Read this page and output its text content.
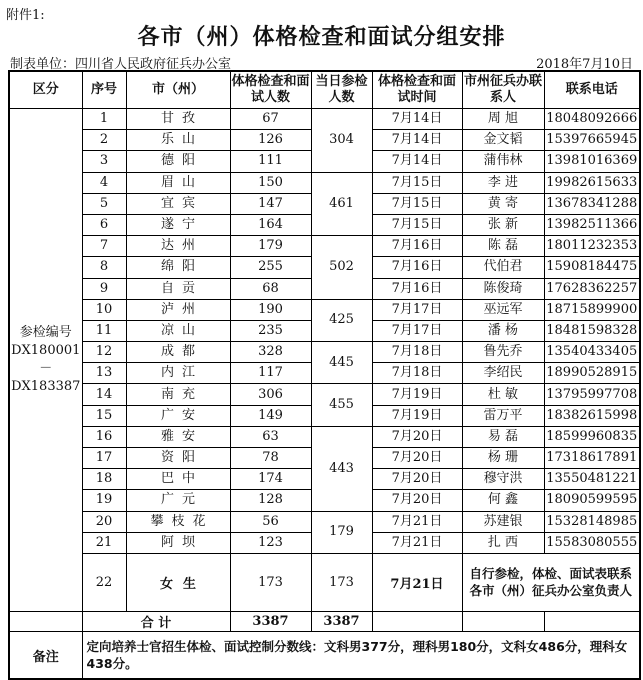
附件1:
各市（州）体格检查和面试分组安排
制表单位：四川省人民政府征兵办公室	2018年7月10日
区分	序号	市（州）	体格检查和面试人数	当日参检人数	体格检查和面试时间	市州征兵办联系人	联系电话
参检编号DX180001－DX183387	1	甘孜	67	304	7月14日	周 旭	18048092666
	2	乐山	126		7月14日	金文韬	15397665945
	3	德阳	111		7月14日	蒲伟林	13981016369
	4	眉山	150	461	7月15日	李 进	19982615633
	5	宜宾	147		7月15日	黄 寄	13678341288
	6	遂宁	164		7月15日	张 新	13982511366
	7	达州	179	502	7月16日	陈 磊	18011232353
	8	绵阳	255		7月16日	代伯君	15908184475
	9	自贡	68		7月16日	陈俊琦	17628362257
	10	泸州	190	425	7月17日	巫远军	18715899900
	11	凉山	235		7月17日	潘 杨	18481598328
	12	成都	328	445	7月18日	鲁先乔	13540433405
	13	内江	117		7月18日	李绍民	18990528915
	14	南充	306	455	7月19日	杜 敏	13795997708
	15	广安	149		7月19日	雷万平	18382615998
	16	雅安	63	443	7月20日	易 磊	18599960835
	17	资阳	78		7月20日	杨 珊	17318617891
	18	巴中	174		7月20日	穆守洪	13550481221
	19	广元	128		7月20日	何 鑫	18090599595
	20	攀枝花	56	179	7月21日	苏建银	15328148985
	21	阿坝	123		7月21日	扎 西	15583080555
	22	女生	173	173	7月21日	自行参检，体检、面试表联系各市（州）征兵办公室负责人	
	合 计		3387	3387			
备注	定向培养士官招生体检、面试控制分数线：文科男377分，理科男180分，文科女486分，理科女438分。						
